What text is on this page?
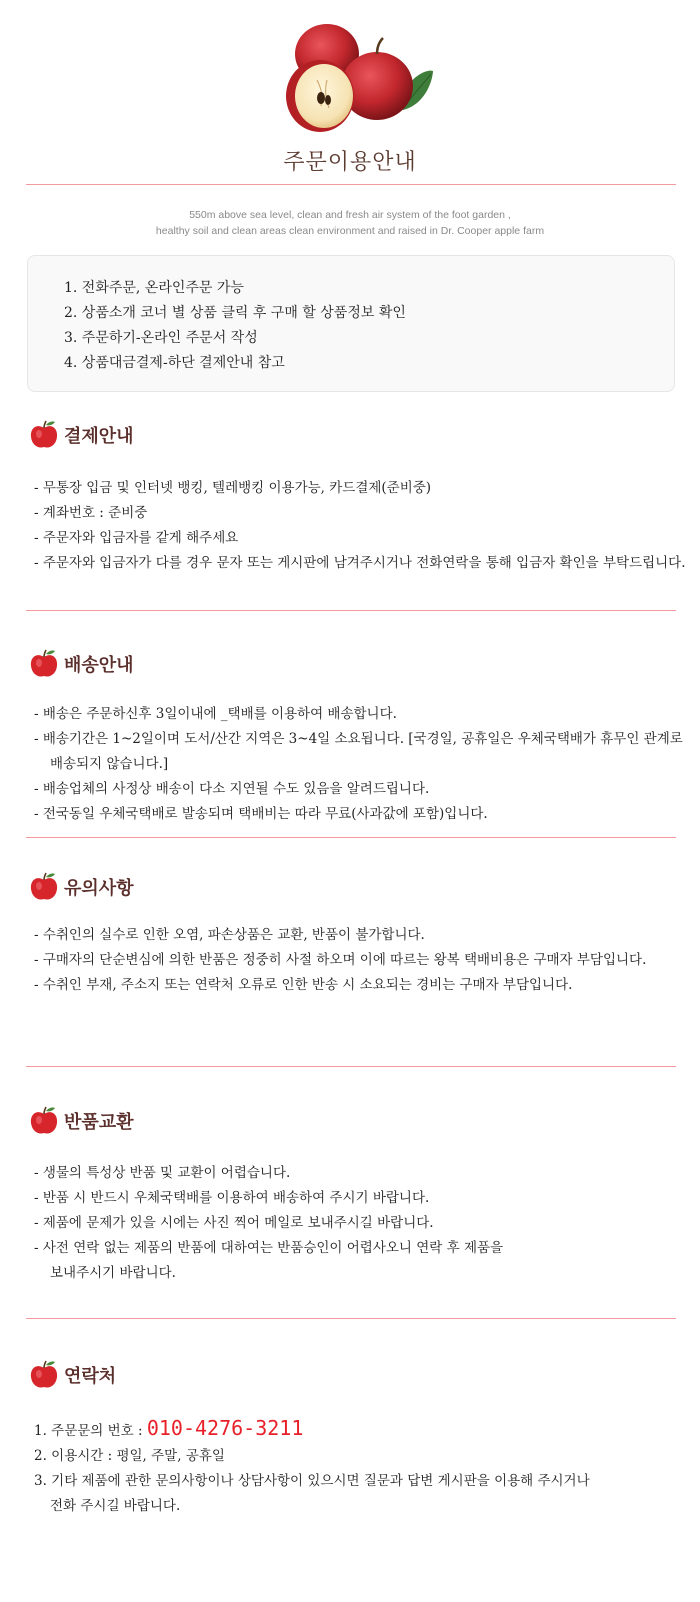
주문이용안내
550m above sea level, clean and fresh air system of the foot garden ,
healthy soil and clean areas clean environment and raised in Dr. Cooper apple farm
1. 전화주문, 온라인주문 가능
2. 상품소개 코너 별 상품 클릭 후 구매 할 상품정보 확인
3. 주문하기-온라인 주문서 작성
4. 상품대금결제-하단 결제안내 참고
결제안내
- 무통장 입금 및 인터넷 뱅킹, 텔레뱅킹 이용가능, 카드결제(준비중)
- 계좌번호 : 준비중
- 주문자와 입금자를 같게 해주세요
- 주문자와 입금자가 다를 경우 문자 또는 게시판에 남겨주시거나 전화연락을 통해 입금자 확인을 부탁드립니다.
배송안내
- 배송은 주문하신후 3일이내에 _택배를 이용하여 배송합니다.
- 배송기간은 1~2일이며 도서/산간 지역은 3~4일 소요됩니다. [국경일, 공휴일은 우체국택배가 휴무인 관계로
배송되지 않습니다.]
- 배송업체의 사정상 배송이 다소 지연될 수도 있음을 알려드립니다.
- 전국동일 우체국택배로 발송되며 택배비는 따라 무료(사과값에 포함)입니다.
유의사항
- 수취인의 실수로 인한 오염, 파손상품은 교환, 반품이 불가합니다.
- 구매자의 단순변심에 의한 반품은 정중히 사절 하오며 이에 따르는 왕복 택배비용은 구매자 부담입니다.
- 수취인 부재, 주소지 또는 연락처 오류로 인한 반송 시 소요되는 경비는 구매자 부담입니다.
반품교환
- 생물의 특성상 반품 및 교환이 어렵습니다.
- 반품 시 반드시 우체국택배를 이용하여 배송하여 주시기 바랍니다.
- 제품에 문제가 있을 시에는 사진 찍어 메일로 보내주시길 바랍니다.
- 사전 연락 없는 제품의 반품에 대하여는 반품승인이 어렵사오니 연락 후 제품을
보내주시기 바랍니다.
연락처
1. 주문문의 번호 : 010-4276-3211
2. 이용시간 : 평일, 주말, 공휴일
3. 기타 제품에 관한 문의사항이나 상담사항이 있으시면 질문과 답변 게시판을 이용해 주시거나
전화 주시길 바랍니다.
